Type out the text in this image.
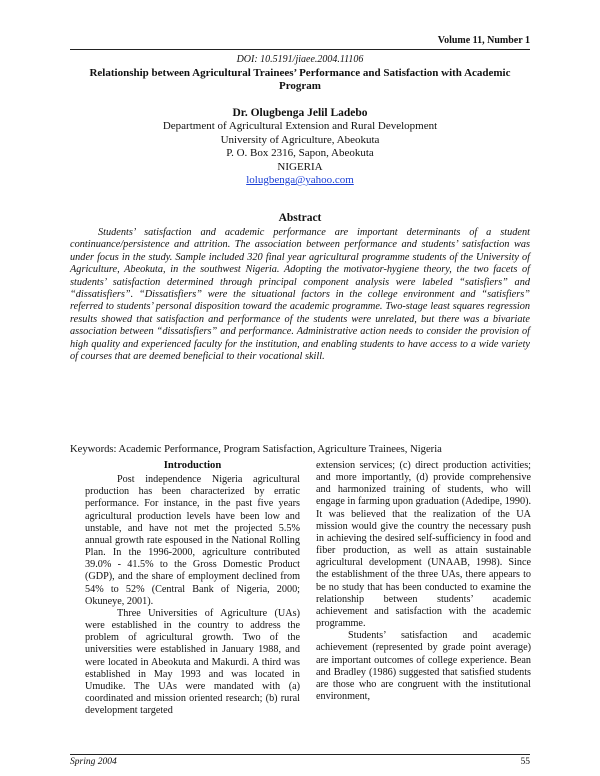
Volume 11, Number 1
DOI: 10.5191/jiaee.2004.11106
Relationship between Agricultural Trainees’ Performance and Satisfaction with Academic Program
Dr. Olugbenga Jelil Ladebo
Department of Agricultural Extension and Rural Development
University of Agriculture, Abeokuta
P. O. Box 2316, Sapon, Abeokuta
NIGERIA
lolugbenga@yahoo.com
Abstract
Students’ satisfaction and academic performance are important determinants of a student continuance/persistence and attrition. The association between performance and students’ satisfaction was under focus in the study. Sample included 320 final year agricultural programme students of the University of Agriculture, Abeokuta, in the southwest Nigeria. Adopting the motivator-hygiene theory, the two facets of students’ satisfaction determined through principal component analysis were labeled “satisfiers” and “dissatisfiers”. “Dissatisfiers” were the situational factors in the college environment and “satisfiers” referred to students’ personal disposition toward the academic programme. Two-stage least squares regression results showed that satisfaction and performance of the students were unrelated, but there was a bivariate association between “dissatisfiers” and performance. Administrative action needs to consider the provision of high quality and experienced faculty for the institution, and enabling students to have access to a wide variety of courses that are deemed beneficial to their vocational skill.
Keywords: Academic Performance, Program Satisfaction, Agriculture Trainees, Nigeria
Introduction

Post independence Nigeria agricultural production has been characterized by erratic performance. For instance, in the past five years agricultural production levels have been low and unstable, and have not met the projected 5.5% annual growth rate espoused in the National Rolling Plan. In the 1996-2000, agriculture contributed 39.0% - 41.5% to the Gross Domestic Product (GDP), and the share of employment declined from 54% to 52% (Central Bank of Nigeria, 2000; Okuneye, 2001).

Three Universities of Agriculture (UAs) were established in the country to address the problem of agricultural growth. Two of the universities were established in January 1988, and were located in Abeokuta and Makurdi. A third was established in May 1993 and was located in Umudike. The UAs were mandated with (a) coordinated and mission oriented research; (b) rural development targeted

extension services; (c) direct production activities; and more importantly, (d) provide comprehensive and harmonized training of students, who will engage in farming upon graduation (Adedipe, 1990). It was believed that the realization of the UA mission would give the country the necessary push in achieving the desired self-sufficiency in food and fiber production, as well as attain sustainable agricultural development (UNAAB, 1998). Since the establishment of the three UAs, there appears to be no study that has been conducted to examine the relationship between students’ academic achievement and satisfaction with the academic programme.

Students’ satisfaction and academic achievement (represented by grade point average) are important outcomes of college experience. Bean and Bradley (1986) suggested that satisfied students are those who are congruent with the institutional environment,

Spring 2004	55
